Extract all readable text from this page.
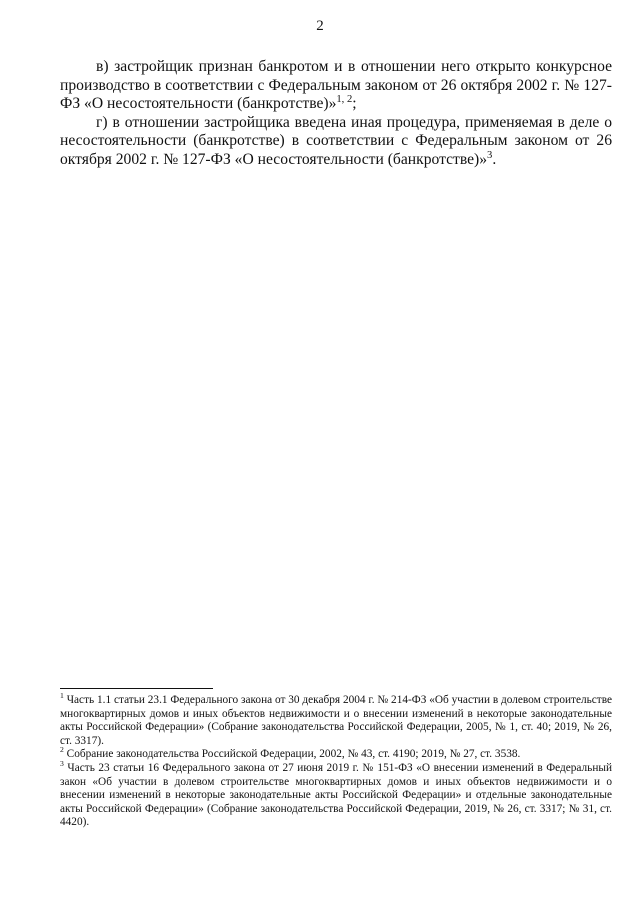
2

в) застройщик признан банкротом и в отношении него открыто конкурсное производство в соответствии с Федеральным законом от 26 октября 2002 г. № 127-ФЗ «О несостоятельности (банкротстве)»$^{1, 2}$;

г) в отношении застройщика введена иная процедура, применяемая в деле о несостоятельности (банкротстве) в соответствии с Федеральным законом от 26 октября 2002 г. № 127-ФЗ «О несостоятельности (банкротстве)»$^3$.

$^1$ Часть 1.1 статьи 23.1 Федерального закона от 30 декабря 2004 г. № 214-ФЗ «Об участии в долевом строительстве многоквартирных домов и иных объектов недвижимости и о внесении изменений в некоторые законодательные акты Российской Федерации» (Собрание законодательства Российской Федерации, 2005, № 1, ст. 40; 2019, № 26, ст. 3317).

$^2$ Собрание законодательства Российской Федерации, 2002, № 43, ст. 4190; 2019, № 27, ст. 3538.

$^3$ Часть 23 статьи 16 Федерального закона от 27 июня 2019 г. № 151-ФЗ «О внесении изменений в Федеральный закон «Об участии в долевом строительстве многоквартирных домов и иных объектов недвижимости и о внесении изменений в некоторые законодательные акты Российской Федерации» и отдельные законодательные акты Российской Федерации» (Собрание законодательства Российской Федерации, 2019, № 26, ст. 3317; № 31, ст. 4420).
